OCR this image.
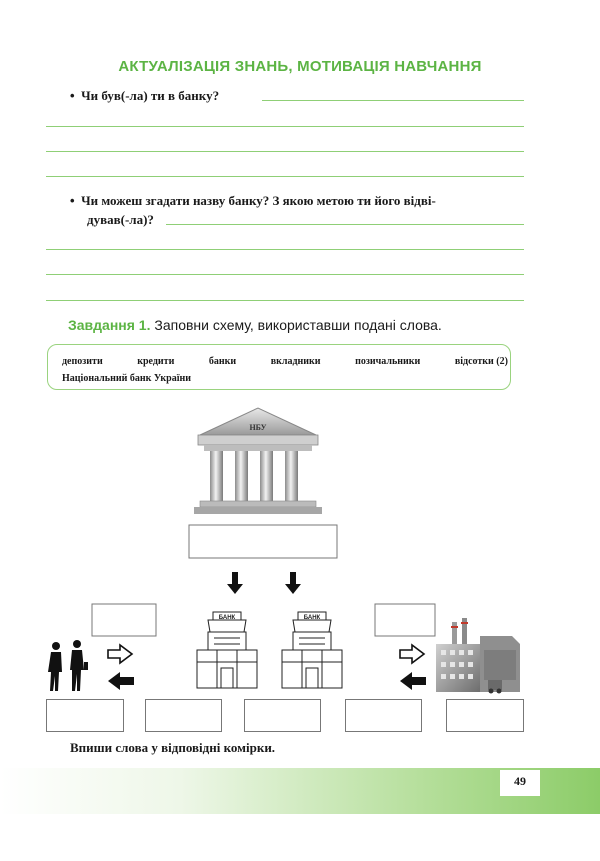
АКТУАЛІЗАЦІЯ ЗНАНЬ, МОТИВАЦІЯ НАВЧАННЯ
• Чи був(-ла) ти в банку?
• Чи можеш згадати назву банку? З якою метою ти його відві-
дував(-ла)?
Завдання 1. Заповни схему, використавши подані слова.
депозити	кредити	банки	вкладники	позичальники	відсотки (2)
Національний банк України
НБУ
БАНК	БАНК
Впиши слова у відповідні комірки.
49
